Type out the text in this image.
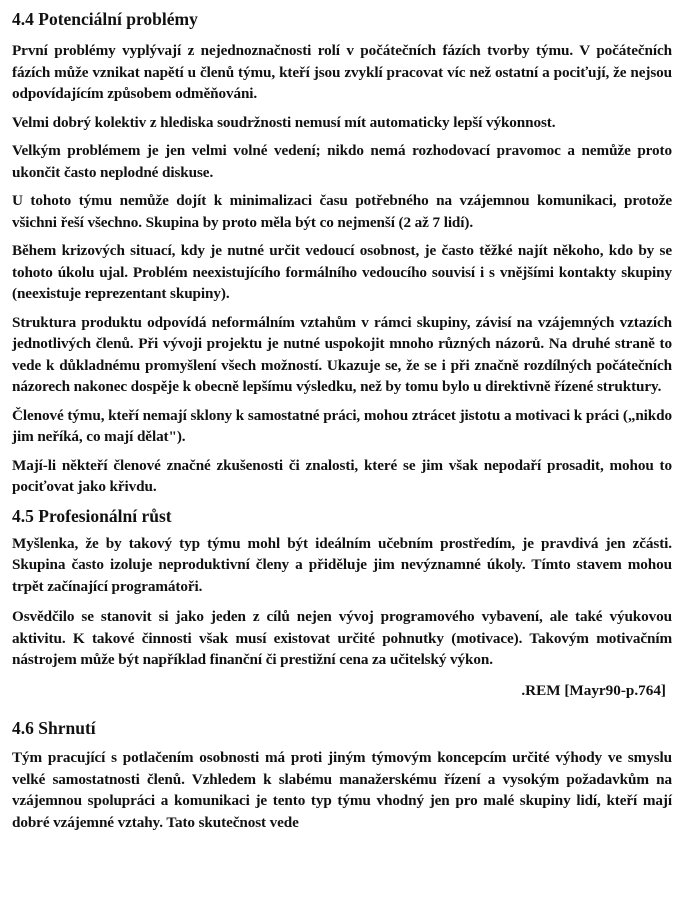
4.4 Potenciální problémy

První problémy vyplývají z nejednoznačnosti rolí v počátečních fázích tvorby týmu. V počátečních fázích může vznikat napětí u členů týmu, kteří jsou zvyklí pracovat víc než ostatní a pociťují, že nejsou odpovídajícím způsobem odměňováni.

Velmi dobrý kolektiv z hlediska soudržnosti nemusí mít automaticky lepší výkonnost.

Velkým problémem je jen velmi volné vedení; nikdo nemá rozhodovací pravomoc a nemůže proto ukončit často neplodné diskuse.

U tohoto týmu nemůže dojít k minimalizaci času potřebného na vzájemnou komunikaci, protože všichni řeší všechno. Skupina by proto měla být co nejmenší (2 až 7 lidí).

Během krizových situací, kdy je nutné určit vedoucí osobnost, je často těžké najít někoho, kdo by se tohoto úkolu ujal. Problém neexistujícího formálního vedoucího souvisí i s vnějšími kontakty skupiny (neexistuje reprezentant skupiny).

Struktura produktu odpovídá neformálním vztahům v rámci skupiny, závisí na vzájemných vztazích jednotlivých členů. Při vývoji projektu je nutné uspokojit mnoho různých názorů. Na druhé straně to vede k důkladnému promyšlení všech možností. Ukazuje se, že se i při značně rozdílných počátečních názorech nakonec dospěje k obecně lepšímu výsledku, než by tomu bylo u direktivně řízené struktury.

Členové týmu, kteří nemají sklony k samostatné práci, mohou ztrácet jistotu a motivaci k práci („nikdo jim neříká, co mají dělat").

Mají-li někteří členové značné zkušenosti či znalosti, které se jim však nepodaří prosadit, mohou to pociťovat jako křivdu.

4.5 Profesionální růst

Myšlenka, že by takový typ týmu mohl být ideálním učebním prostředím, je pravdivá jen zčásti. Skupina často izoluje neproduktivní členy a přiděluje jim nevýznamné úkoly. Tímto stavem mohou trpět začínající programátoři.

Osvědčilo se stanovit si jako jeden z cílů nejen vývoj programového vybavení, ale také výukovou aktivitu. K takové činnosti však musí existovat určité pohnutky (motivace). Takovým motivačním nástrojem může být například finanční či prestižní cena za učitelský výkon.

.REM [Mayr90-p.764]
4.6 Shrnutí

Tým pracující s potlačením osobnosti má proti jiným týmovým koncepcím určité výhody ve smyslu velké samostatnosti členů. Vzhledem k slabému manažerskému řízení a vysokým požadavkům na vzájemnou spolupráci a komunikaci je tento typ týmu vhodný jen pro malé skupiny lidí, kteří mají dobré vzájemné vztahy. Tato skutečnost vede
